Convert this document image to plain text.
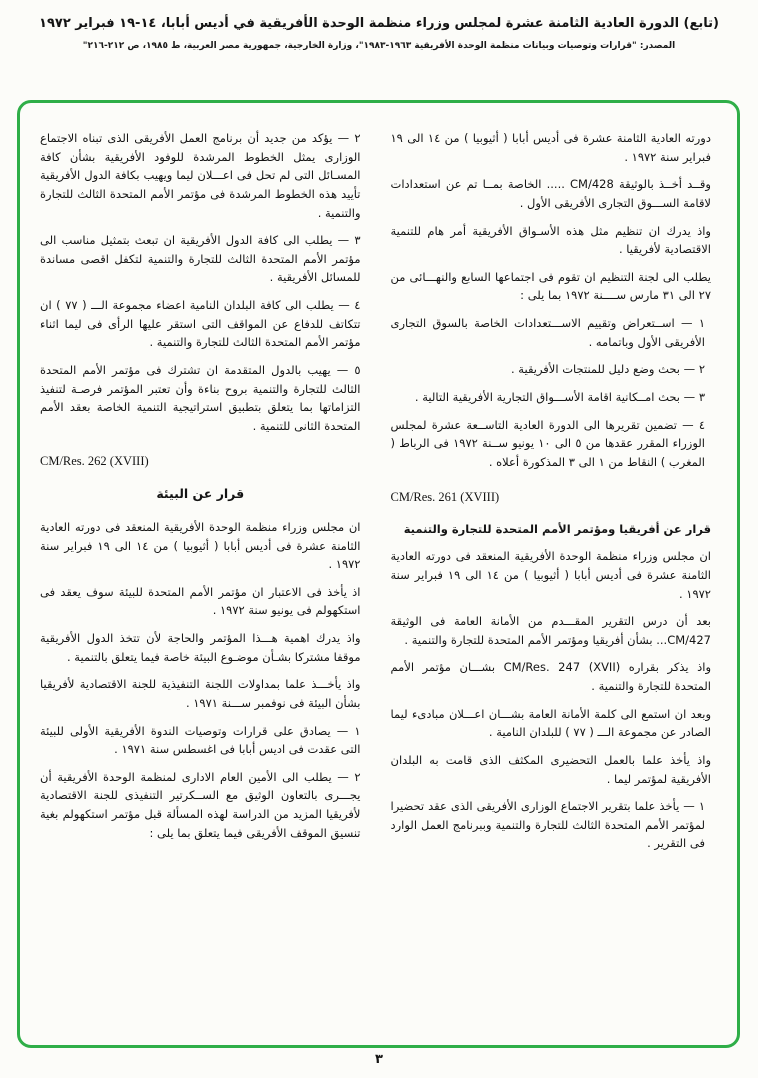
(تابع) الدورة العادية الثامنة عشرة لمجلس وزراء منظمة الوحدة الأفريقية في أديس أبابا، ١٤-١٩ فبراير ١٩٧٢
المصدر: "قرارات وتوصيات وبيانات منظمة الوحدة الأفريقية ١٩٦٣-١٩٨٣"، وزارة الخارجية، جمهورية مصر العربية، ط ١٩٨٥، ص ٢١٢-٢١٦"

دورته العادية الثامنة عشرة فى أديس أبابا ( أثيوبيا ) من ١٤ الى ١٩ فبراير سنة ١٩٧٢ .

وقــد أخــذ بالوثيقة CM/428 ..... الخاصة بمــا تم عن استعدادات لاقامة الســـوق التجارى الأفريقى الأول .

واذ يدرك ان تنظيم مثل هذه الأسـواق الأفريقية أمر هام للتنمية الاقتصادية لأفريقيا .

يطلب الى لجنة التنظيم ان تقوم فى اجتماعها السابع والنهـــائى من ٢٧ الى ٣١ مارس ســــنة ١٩٧٢ بما يلى :

١ — اســتعراض وتقييم الاســـتعدادات الخاصة بالسوق التجارى الأفريقى الأول وباتمامه .

٢ — بحث وضع دليل للمنتجات الأفريقية .

٣ — بحث امــكانية اقامة الأســـواق التجارية الأفريقية التالية .

٤ — تضمين تقريرها الى الدورة العادية التاســعة عشرة لمجلس الوزراء المقرر عقدها من ٥ الى ١٠ يونيو ســنة ١٩٧٢ فى الرباط ( المغرب ) النقاط من ١ الى ٣ المذكورة أعلاه .

CM/Res. 261 (XVIII)

قرار عن أفريقيا ومؤتمر الأمم المتحدة للتجارة والتنمية

ان مجلس وزراء منظمة الوحدة الأفريقية المنعقد فى دورته العادية الثامنة عشرة فى أديس أبابا ( أثيوبيا ) من ١٤ الى ١٩ فبراير سنة ١٩٧٢ .

بعد أن درس التقرير المقـــدم من الأمانة العامة فى الوثيقة CM/427... بشأن أفريقيا ومؤتمر الأمم المتحدة للتجارة والتنمية .

واذ يذكر بقراره CM/Res. 247 (XVII) بشـــان مؤتمر الأمم المتحدة للتجارة والتنمية .

وبعد ان استمع الى كلمة الأمانة العامة بشـــان اعـــلان مبادىء ليما الصادر عن مجموعة الـــ ( ٧٧ ) للبلدان النامية .

واذ يأخذ علما بالعمل التحضيرى المكثف الذى قامت به البلدان الأفريقية لمؤتمر ليما .

١ — يأخذ علما بتقرير الاجتماع الوزارى الأفريقى الذى عقد تحضيرا لمؤتمر الأمم المتحدة الثالث للتجارة والتنمية وببرنامج العمل الوارد فى التقرير .

٢ — يؤكد من جديد أن برنامج العمل الأفريقى الذى تبناه الاجتماع الوزارى يمثل الخطوط المرشدة للوفود الأفريقية بشأن كافة المسـائل التى لم تحل فى اعـــلان ليما ويهيب بكافة الدول الأفريقية تأييد هذه الخطوط المرشدة فى مؤتمر الأمم المتحدة الثالث للتجارة والتنمية .

٣ — يطلب الى كافة الدول الأفريقية ان تبعث بتمثيل مناسب الى مؤتمر الأمم المتحدة الثالث للتجارة والتنمية لتكفل اقصى مساندة للمسائل الأفريقية .

٤ — يطلب الى كافة البلدان النامية اعضاء مجموعة الـــ ( ٧٧ ) ان تتكاتف للدفاع عن المواقف التى استقر عليها الرأى فى ليما اثناء مؤتمر الأمم المتحدة الثالث للتجارة والتنمية .

٥ — يهيب بالدول المتقدمة ان تشترك فى مؤتمر الأمم المتحدة الثالث للتجارة والتنمية بروح بناءة وأن تعتبر المؤتمر فرصـة لتنفيذ التزاماتها بما يتعلق بتطبيق استراتيجية التنمية الخاصة بعقد الأمم المتحدة الثانى للتنمية .

CM/Res. 262 (XVIII)

قرار عن البيئة

ان مجلس وزراء منظمة الوحدة الأفريقية المنعقد فى دورته العادية الثامنة عشرة فى أديس أبابا ( أثيوبيا ) من ١٤ الى ١٩ فبراير سنة ١٩٧٢ .

اذ يأخذ فى الاعتبار ان مؤتمر الأمم المتحدة للبيئة سوف يعقد فى استكهولم فى يونيو سنة ١٩٧٢ .

واذ يدرك اهمية هـــذا المؤتمر والحاجة لأن تتخذ الدول الأفريقية موقفا مشتركا بشـأن موضـوع البيئة خاصة فيما يتعلق بالتنمية .

واذ يأخـــذ علما بمداولات اللجنة التنفيذية للجنة الاقتصادية لأفريقيا بشأن البيئة فى نوفمبر ســـنة ١٩٧١ .

١ — يصادق على قرارات وتوصيات الندوة الأفريقية الأولى للبيئة التى عقدت فى اديس أبابا فى اغسطس سنة ١٩٧١ .

٢ — يطلب الى الأمين العام الادارى لمنظمة الوحدة الأفريقية أن يجـــرى بالتعاون الوثيق مع الســكرتير التنفيذى للجنة الاقتصادية لأفريقيا المزيد من الدراسة لهذه المسألة قبل مؤتمر استكهولم بغية تنسيق الموقف الأفريقى فيما يتعلق بما يلى :

٣
